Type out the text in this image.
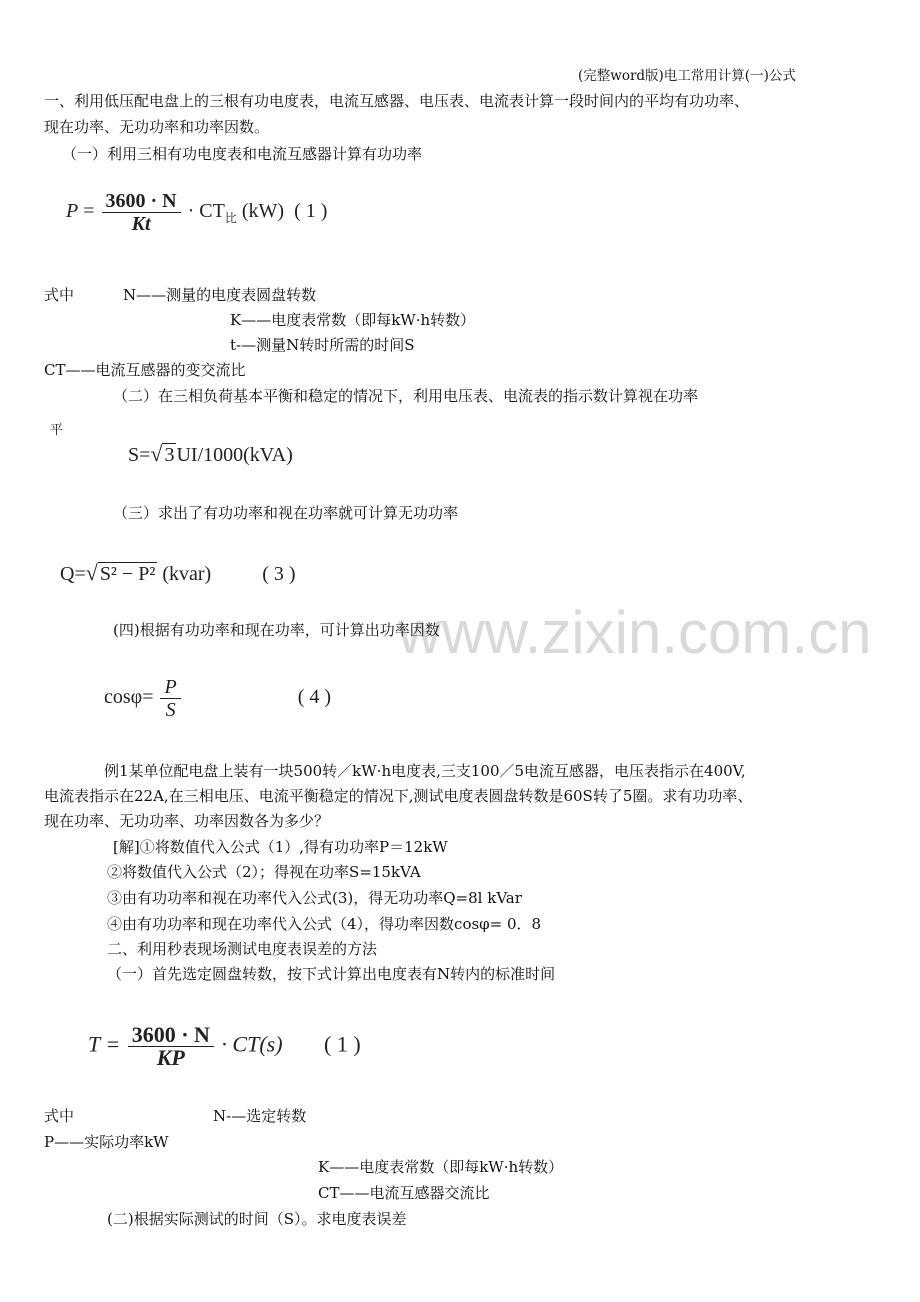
www.zixin.com.cn
(完整word版)电工常用计算(一)公式
一、利用低压配电盘上的三根有功电度表，电流互感器、电压表、电流表计算一段时间内的平均有功功率、
现在功率、无功功率和功率因数。
（一）利用三相有功电度表和电流互感器计算有功功率
$P = \frac{3600 \cdot N}{Kt} \cdot CT_比$ (kW) ( 1 )
式中	N——测量的电度表圆盘转数
K——电度表常数（即每kW·h转数）
t-—测量N转时所需的时间S
CT——电流互感器的变交流比
（二）在三相负荷基本平衡和稳定的情况下，利用电压表、电流表的指示数计算视在功率
平
S=√ 3 UI/1000(kVA)
（三）求出了有功功率和视在功率就可计算无功功率
Q=√ S² − P² (kvar)	( 3 )
(四)根据有功功率和现在功率，可计算出功率因数
$\cos\varphi= \frac{P}{S}$	( 4 )
例1某单位配电盘上装有一块500转／kW·h电度表,三支100／5电流互感器，电压表指示在400V,
电流表指示在22A,在三相电压、电流平衡稳定的情况下,测试电度表圆盘转数是60S转了5圈。求有功功率、
现在功率、无功功率、功率因数各为多少？
[解]①将数值代入公式（1）,得有功功率P＝12kW
②将数值代入公式（2）；得视在功率S=15kVA
③由有功功率和视在功率代入公式(3)，得无功功率Q=8l kVar
④由有功功率和现在功率代入公式（4），得功率因数cosφ= 0．8
二、利用秒表现场测试电度表误差的方法
（一）首先选定圆盘转数，按下式计算出电度表有N转内的标准时间
$T = \frac{3600 \cdot N}{KP} \cdot CT(s)$ ( 1 )
式中	N-—选定转数
P——实际功率kW
K——电度表常数（即每kW·h转数）
CT——电流互感器交流比
(二)根据实际测试的时间（S）。求电度表误差
